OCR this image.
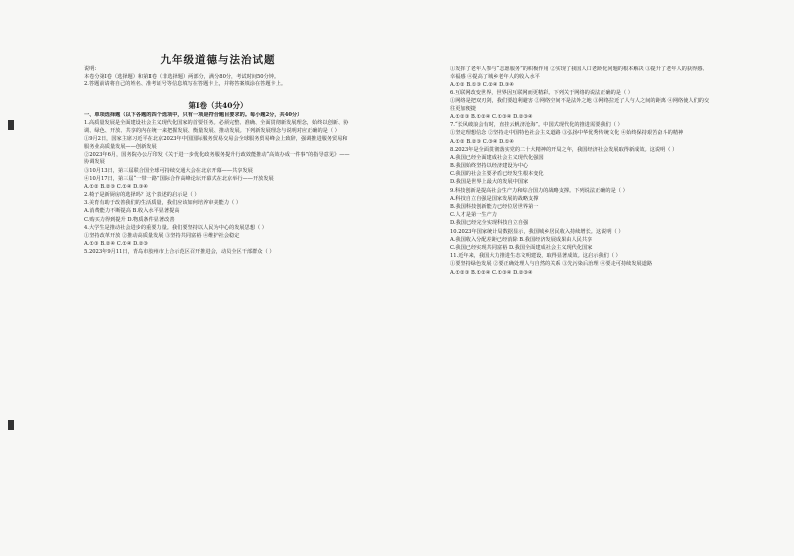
九年级道德与法治试题

说明:

本卷分第Ⅰ卷（选择题）和第Ⅱ卷（非选择题）两部分，满分80分，考试时间50分钟。

2.答题前请将自己的姓名、准考证号等信息填写在答题卡上，并将答案填涂在答题卡上。

第Ⅰ卷（共40分）

一、单项选择题（以下各题的四个选项中，只有一项是符合题目要求的。每小题2分，共40分）

1.高质量发展是全面建设社会主义现代化国家的首要任务。必须完整、准确、全面贯彻新发展理念，始终以创新、协调、绿色、开放、共享的内在统一来把握发展、衡量发展、推动发展。下列新发展理念与说明对应正确的是（ ）

①9月2日，国家主席习近平在北京2023年中国国际服务贸易交易会全球服务贸易峰会上致辞，强调推进服务贸易和服务业高质量发展——创新发展

②2023年6月，国务院办公厅印发《关于进一步优化政务服务提升行政效能推动“高效办成一件事”的指导意见》——协调发展

③10月13日，第三届联合国全球可持续交通大会在北京开幕——共享发展

④10月17日，第三届“一带一路”国际合作高峰论坛开幕式在北京举行——开放发展

A.①② B.②③ C.①④ D.③④

2.椅子是新厨房的选择吗？这个表述的启示是（ ）

3.美育有助于改善我们的生活质量，我们应该如何培养审美能力（ ）

A.消费能力不断提高 B.收入水平显著提高

C.购买力得到提升 D.物质条件显著改善

4.大学生是推动社会进步的重要力量。我们要坚持以人民为中心的发展思想（ ）

①坚持改革开放 ②推动高质量发展 ③坚持共同富裕 ④维护社会稳定

A.①③ B.②④ C.①④ D.②③

5.2023年9月11日，青岛市胶州市上合示范区召开推进会，动员全区干部群众（ ）

①发挥了老年人参与“志愿服务”的积极作用 ②实现了我国人口老龄化问题的根本解决 ③提升了老年人的获得感、幸福感 ④提高了城乡老年人的收入水平

A.①② B.①③ C.②④ D.③④

6.互联网改变世界，世界因互联网而更精彩。下列关于网络的说法正确的是（ ）

①网络是把双刃剑，我们要趋利避害 ②网络空间不是法外之地 ③网络拉近了人与人之间的距离 ④网络使人们的交往更加便捷

A.①②③ B.①②④ C.①③④ D.②③④

7.“长风破浪会有时，直挂云帆济沧海”。中国式现代化的推进需要我们（ ）

①坚定理想信念 ②坚持走中国特色社会主义道路 ③弘扬中华优秀传统文化 ④始终保持艰苦奋斗的精神

A.①② B.②③ C.③④ D.①④

8.2023年是全面贯彻落实党的二十大精神的开局之年，我国经济社会发展取得新成效。这说明（ ）

A.我国已经全面建成社会主义现代化强国

B.我国始终坚持以经济建设为中心

C.我国的社会主要矛盾已经发生根本变化

D.我国是世界上最大的发展中国家

9.科技创新是提高社会生产力和综合国力的战略支撑。下列说法正确的是（ ）

A.科技自立自强是国家发展的战略支撑

B.我国科技创新能力已经位居世界第一

C.人才是第一生产力

D.我国已经完全实现科技自立自强

10.2023年国家统计局数据显示，我国城乡居民收入持续增长。这说明（ ）

A.我国收入分配差距已经消除 B.我国经济发展成果由人民共享

C.我国已经实现共同富裕 D.我国全面建成社会主义现代化国家

11.近年来，我国大力推进生态文明建设，取得显著成效。这启示我们（ ）

①要坚持绿色发展 ②要正确处理人与自然的关系 ③先污染后治理 ④要走可持续发展道路

A.①②③ B.①②④ C.①③④ D.②③④
